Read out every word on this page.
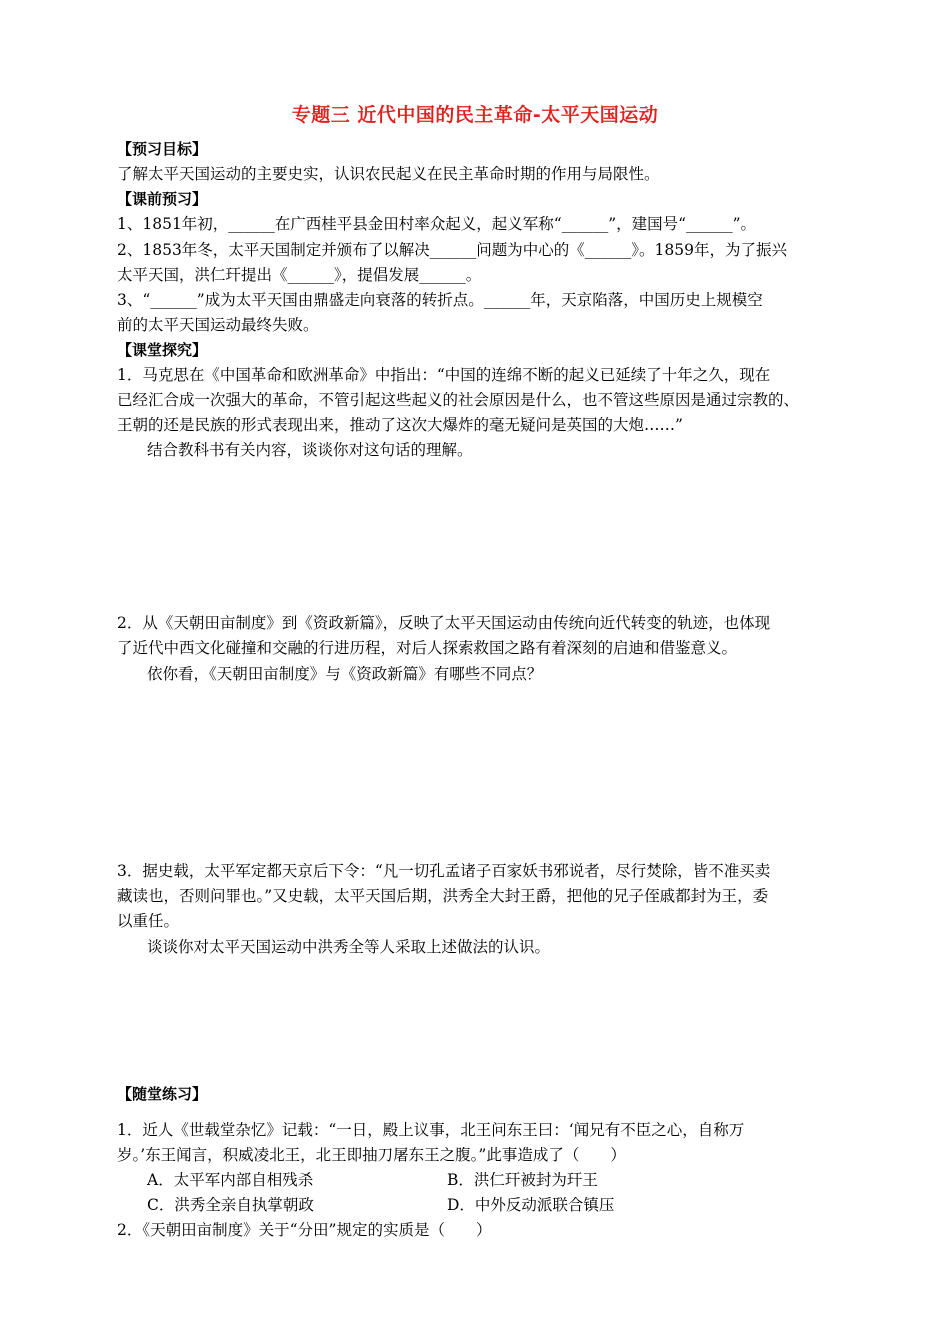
专题三 近代中国的民主革命-太平天国运动
【预习目标】
了解太平天国运动的主要史实，认识农民起义在民主革命时期的作用与局限性。
【课前预习】
1、1851年初，______在广西桂平县金田村率众起义，起义军称“______”，建国号“______”。
2、1853年冬，太平天国制定并颁布了以解决______问题为中心的《______》。1859年，为了振兴
太平天国，洪仁玕提出《______》，提倡发展______。
3、“______”成为太平天国由鼎盛走向衰落的转折点。______年，天京陷落，中国历史上规模空
前的太平天国运动最终失败。
【课堂探究】
1．马克思在《中国革命和欧洲革命》中指出：“中国的连绵不断的起义已延续了十年之久，现在
已经汇合成一次强大的革命，不管引起这些起义的社会原因是什么，也不管这些原因是通过宗教的、
王朝的还是民族的形式表现出来，推动了这次大爆炸的毫无疑问是英国的大炮……”
结合教科书有关内容，谈谈你对这句话的理解。
2．从《天朝田亩制度》到《资政新篇》，反映了太平天国运动由传统向近代转变的轨迹，也体现
了近代中西文化碰撞和交融的行进历程，对后人探索救国之路有着深刻的启迪和借鉴意义。
依你看，《天朝田亩制度》与《资政新篇》有哪些不同点？
3．据史载，太平军定都天京后下令：“凡一切孔孟诸子百家妖书邪说者，尽行焚除，皆不准买卖
藏读也，否则问罪也。”又史载，太平天国后期，洪秀全大封王爵，把他的兄子侄戚都封为王，委
以重任。
谈谈你对太平天国运动中洪秀全等人采取上述做法的认识。
【随堂练习】
1．近人《世载堂杂忆》记载：“一日，殿上议事，北王问东王曰：‘闻兄有不臣之心，自称万
岁。’东王闻言，积威凌北王，北王即抽刀屠东王之腹。”此事造成了（　　）
A．太平军内部自相残杀	B．洪仁玕被封为玕王
C．洪秀全亲自执掌朝政	D．中外反动派联合镇压
2．《天朝田亩制度》关于“分田”规定的实质是（　　）
